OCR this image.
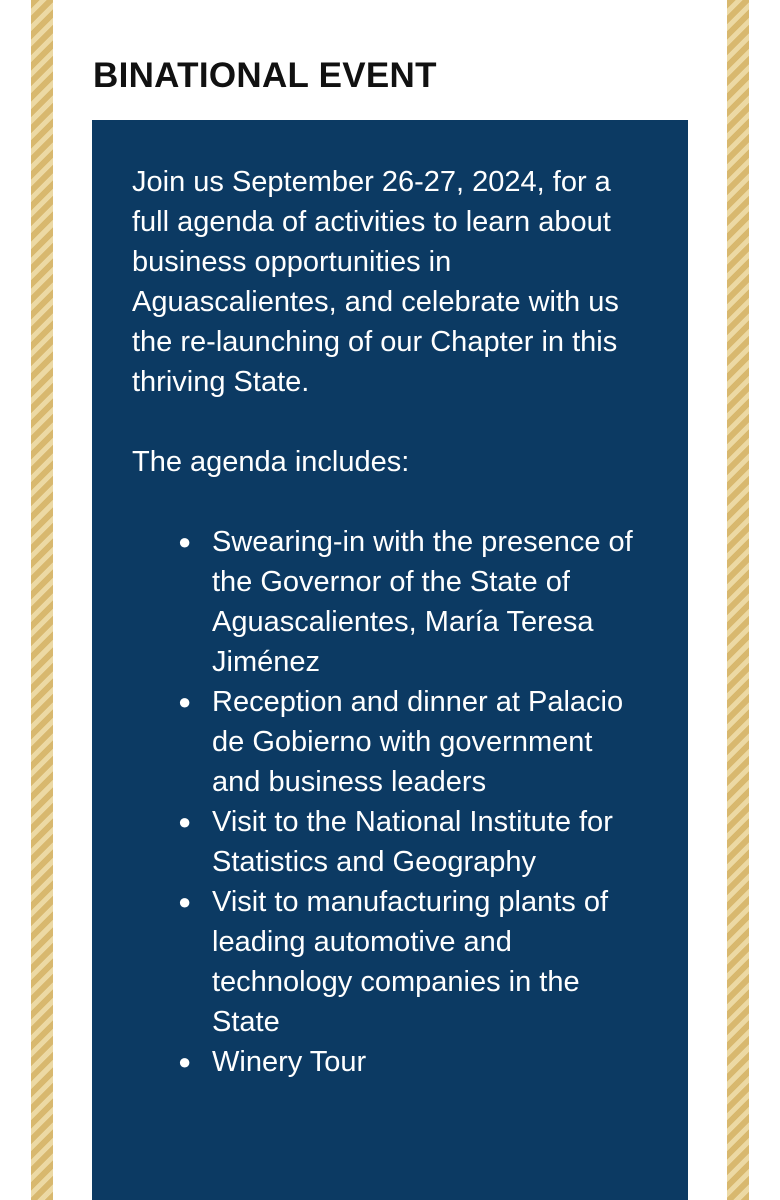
BINATIONAL EVENT

Join us September 26-27, 2024, for a full agenda of activities to learn about business opportunities in Aguascalientes, and celebrate with us the re-launching of our Chapter in this thriving State.

The agenda includes:

● Swearing-in with the presence of the Governor of the State of Aguascalientes, María Teresa Jiménez
● Reception and dinner at Palacio de Gobierno with government and business leaders
● Visit to the National Institute for Statistics and Geography
● Visit to manufacturing plants of leading automotive and technology companies in the State
● Winery Tour
